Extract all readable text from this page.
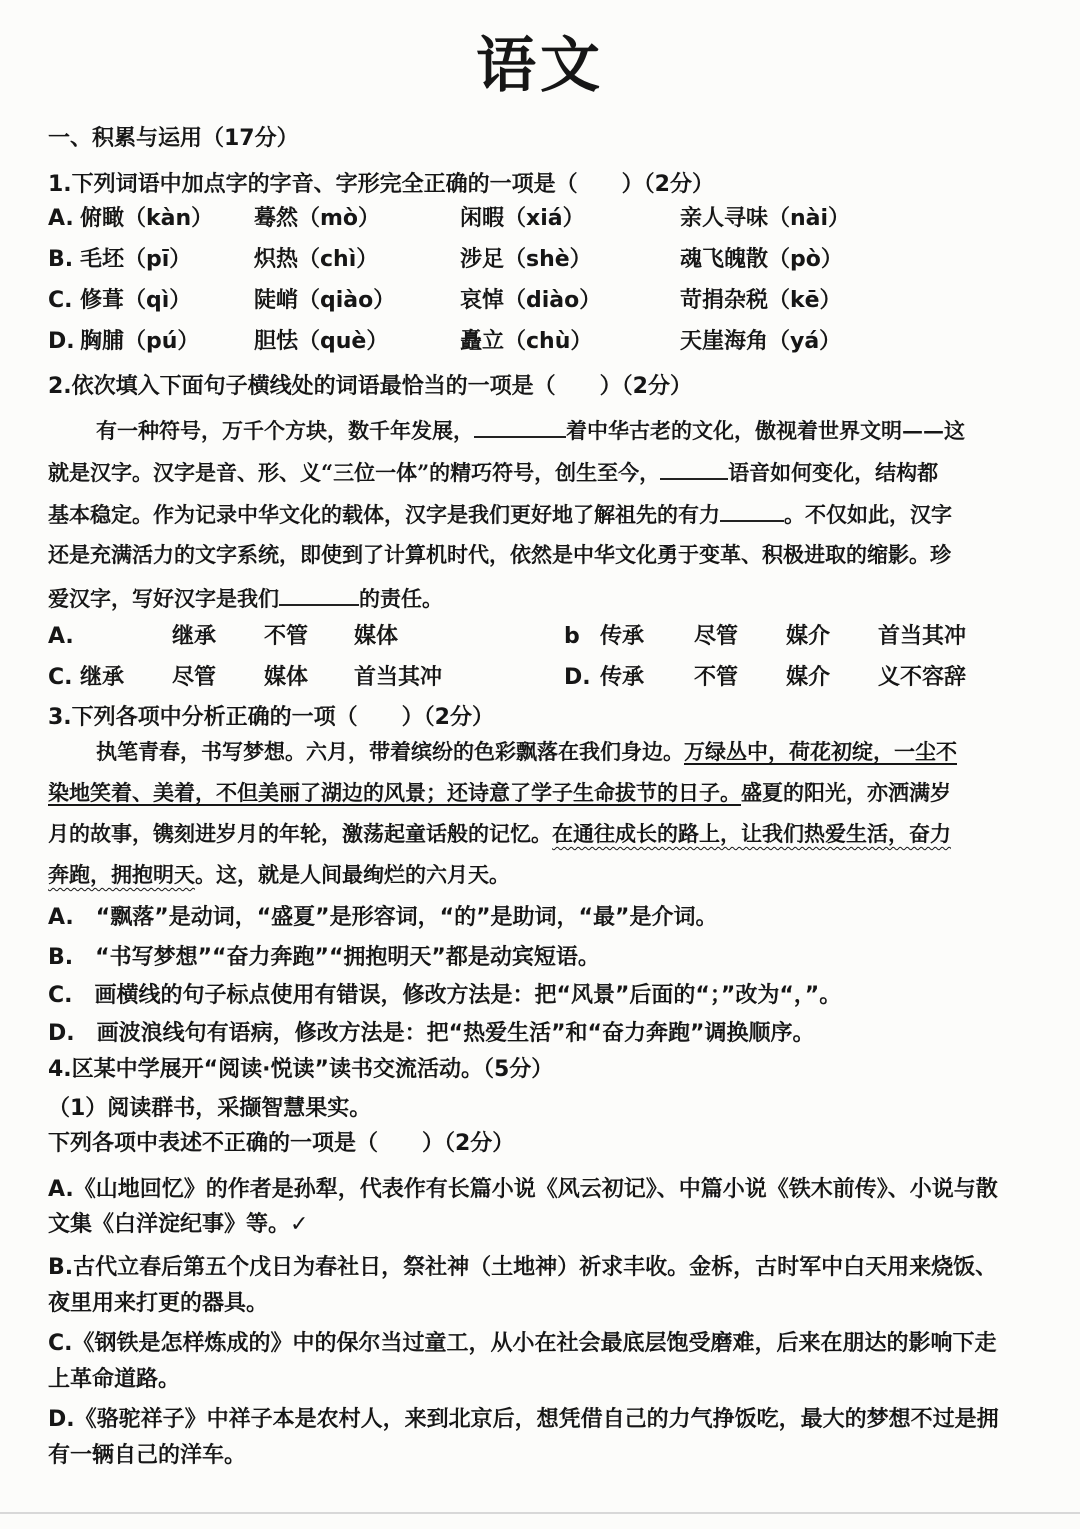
语文
一、积累与运用（17分）
1.下列词语中加点字的字音、字形完全正确的一项是（　　）（2分）
A. 俯瞰（kàn） 蓦然（mò）	闲暇（xiá）	亲人寻味（nài）
B. 毛坯（pī）	炽热（chì）	涉足（shè）	魂飞魄散（pò）
C. 修葺（qì）	陡峭（qiào）	哀悼（diào）	苛捐杂税（kē）
D. 胸脯（pú） 胆怯（què）	矗立（chù）	天崖海角（yá）
2.依次填入下面句子横线处的词语最恰当的一项是（　　）（2分）
有一种符号，万千个方块，数千年发展，	着中华古老的文化，傲视着世界文明——这
就是汉字。汉字是音、形、义“三位一体”的精巧符号，创生至今，	语音如何变化，结构都
基本稳定。作为记录中华文化的载体，汉字是我们更好地了解祖先的有力	。不仅如此，汉字
还是充满活力的文字系统，即使到了计算机时代，依然是中华文化勇于变革、积极进取的缩影。珍
爱汉字，写好汉字是我们	的责任。
A.	继承 不管 媒体	b 传承 尽管 媒介 首当其冲
C. 继承 尽管 媒体 首当其冲	D. 传承 不管 媒介 义不容辞
3.下列各项中分析正确的一项（　　）（2分）
执笔青春，书写梦想。六月，带着缤纷的色彩飘落在我们身边。万绿丛中，荷花初绽，一尘不
染地笑着、美着，不但美丽了湖边的风景；还诗意了学子生命拔节的日子。盛夏的阳光，亦洒满岁
月的故事，镌刻进岁月的年轮，激荡起童话般的记忆。在通往成长的路上，让我们热爱生活，奋力
奔跑，拥抱明天。这，就是人间最绚烂的六月天。
A.　“飘落”是动词，“盛夏”是形容词，“的”是助词，“最”是介词。
B.　“书写梦想”“奋力奔跑”“拥抱明天”都是动宾短语。
C.　画横线的句子标点使用有错误，修改方法是：把“风景”后面的“；”改为“，”。
D.　画波浪线句有语病，修改方法是：把“热爱生活”和“奋力奔跑”调换顺序。
4.区某中学展开“阅读·悦读”读书交流活动。（5分）
（1）阅读群书，采撷智慧果实。
下列各项中表述不正确的一项是（　　）（2分）
A.《山地回忆》的作者是孙犁，代表作有长篇小说《风云初记》、中篇小说《铁木前传》、小说与散
文集《白洋淀纪事》等。✓
B.古代立春后第五个戊日为春社日，祭社神（土地神）祈求丰收。金柝，古时军中白天用来烧饭、
夜里用来打更的器具。
C.《钢铁是怎样炼成的》中的保尔当过童工，从小在社会最底层饱受磨难，后来在朋达的影响下走
上革命道路。
D.《骆驼祥子》中祥子本是农村人，来到北京后，想凭借自己的力气挣饭吃，最大的梦想不过是拥
有一辆自己的洋车。
